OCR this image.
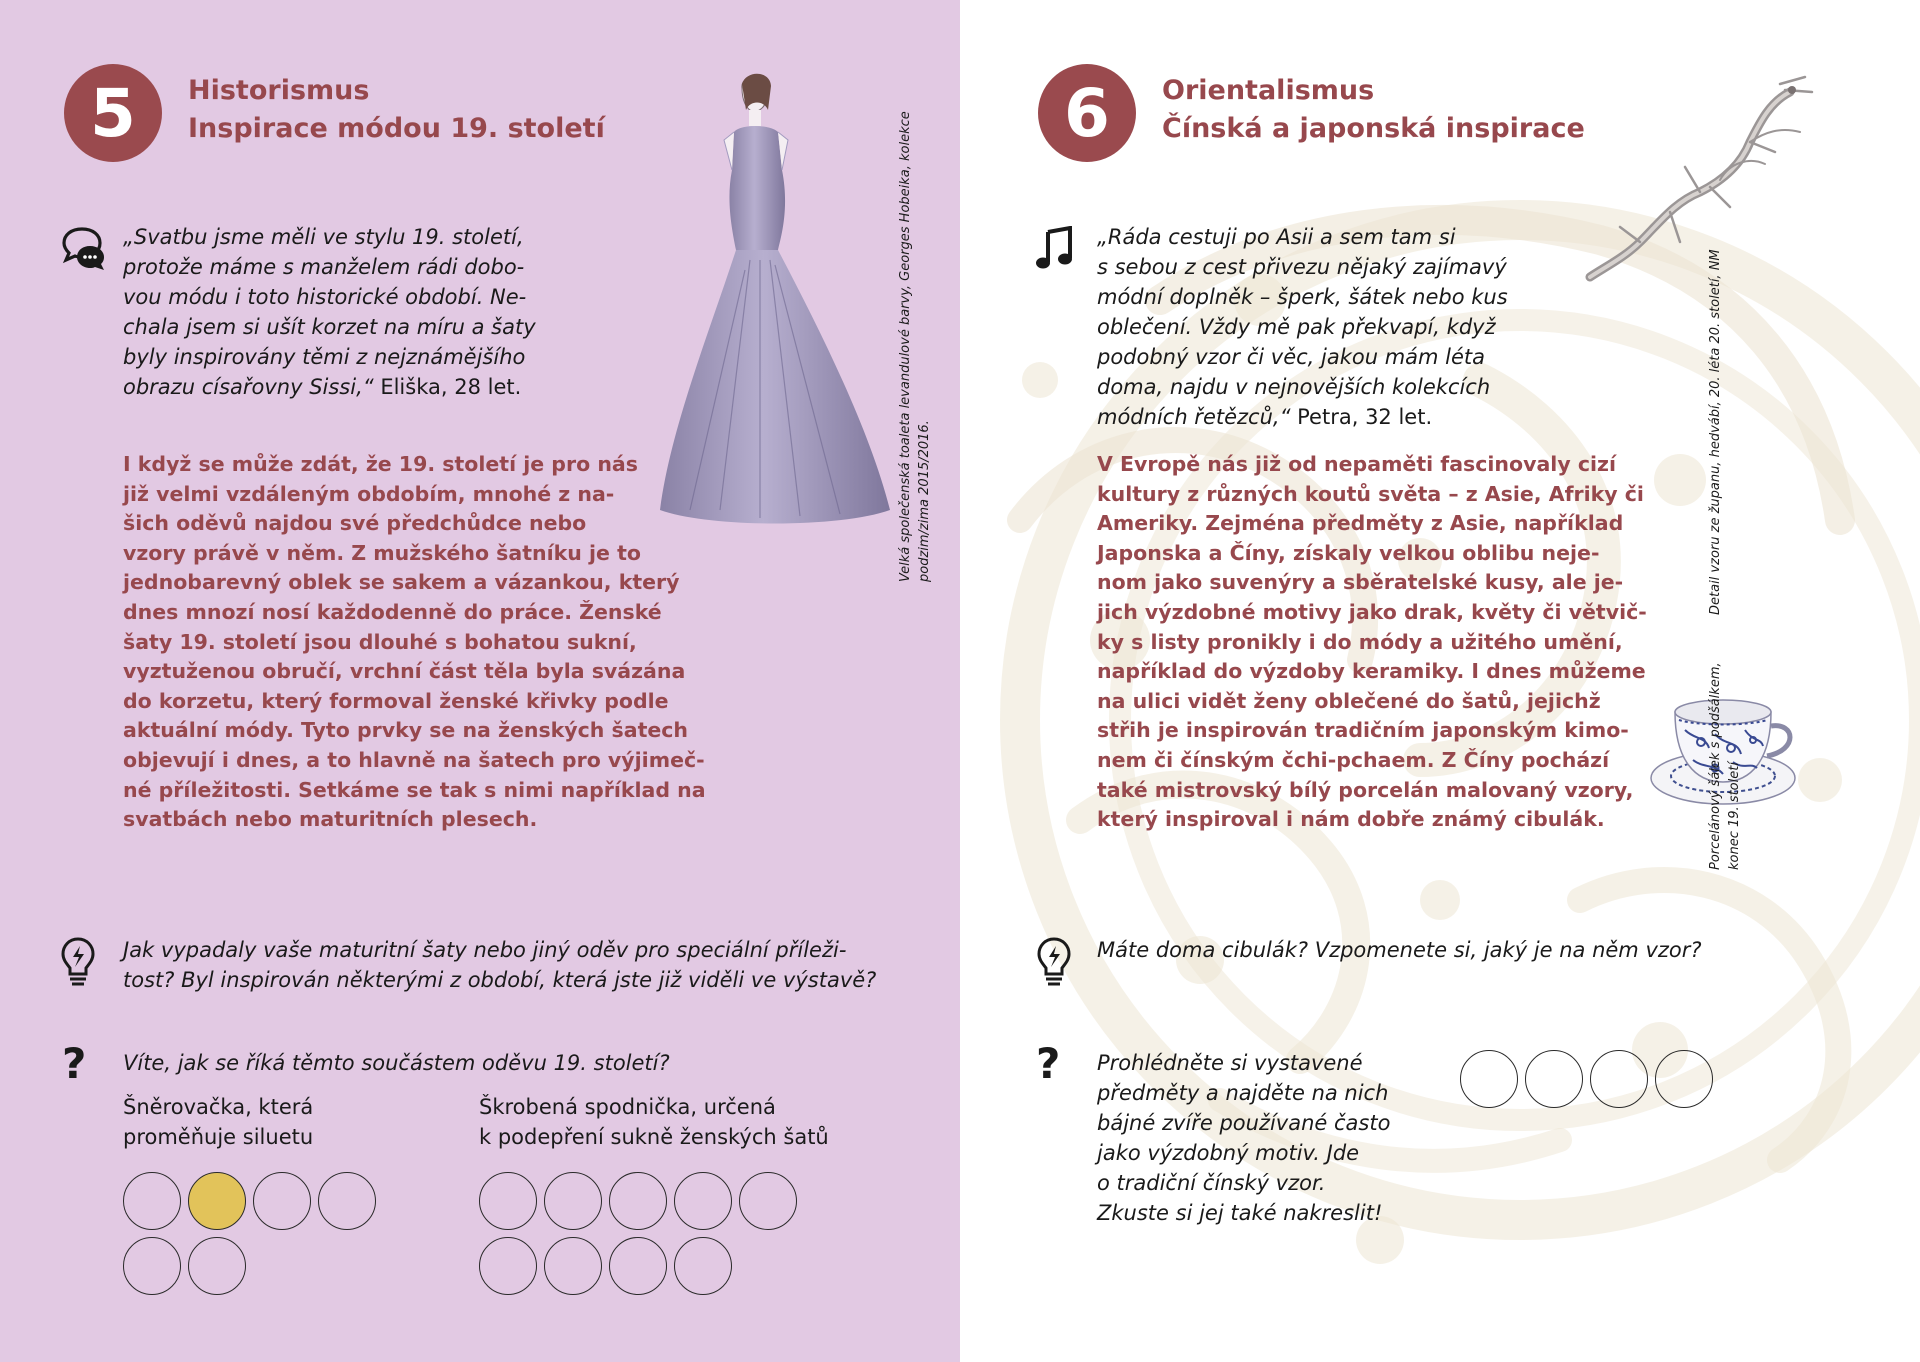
5 Historismus
Inspirace módou 19. století
„Svatbu jsme měli ve stylu 19. století,
protože máme s manželem rádi dobo-
vou módu i toto historické období. Ne-
chala jsem si ušít korzet na míru a šaty
byly inspirovány těmi z nejznámějšího
obrazu císařovny Sissi,“ Eliška, 28 let.	Velká společenská toaleta levandulové barvy, Georges Hobeika, kolekce podzim/zima 2015/2016.
I když se může zdát, že 19. století je pro nás
již velmi vzdáleným obdobím, mnohé z na-
šich oděvů najdou své předchůdce nebo
vzory právě v něm. Z mužského šatníku je to
jednobarevný oblek se sakem a vázankou, který
dnes mnozí nosí každodenně do práce. Ženské
šaty 19. století jsou dlouhé s bohatou sukní,
vyztuženou obručí, vrchní část těla byla svázána
do korzetu, který formoval ženské křivky podle
aktuální módy. Tyto prvky se na ženských šatech
objevují i dnes, a to hlavně na šatech pro výjimeč-
né příležitosti. Setkáme se tak s nimi například na
svatbách nebo maturitních plesech.
Jak vypadaly vaše maturitní šaty nebo jiný oděv pro speciální příleži-
tost? Byl inspirován některými z období, která jste již viděli ve výstavě?
? Víte, jak se říká těmto součástem oděvu 19. století?
Šněrovačka, která
proměňuje siluetu
Škrobená spodnička, určená
k podepření sukně ženských šatů
Detail vzoru ze županu, hedvábí, 20. léta 20. století, NM
6 Orientalismus
Čínská a japonská inspirace
„Ráda cestuji po Asii a sem tam si
s sebou z cest přivezu nějaký zajímavý
módní doplněk – šperk, šátek nebo kus
oblečení. Vždy mě pak překvapí, když
podobný vzor či věc, jakou mám léta
doma, najdu v nejnovějších kolekcích
módních řetězců,“ Petra, 32 let.
V Evropě nás již od nepaměti fascinovaly cizí
kultury z různých koutů světa – z Asie, Afriky či
Ameriky. Zejména předměty z Asie, například
Japonska a Číny, získaly velkou oblibu neje-
nom jako suvenýry a sběratelské kusy, ale je-
jich výzdobné motivy jako drak, květy či větvič-
ky s listy pronikly i do módy a užitého umění,
například do výzdoby keramiky. I dnes můžeme
na ulici vidět ženy oblečené do šatů, jejichž
střih je inspirován tradičním japonským kimo-
nem či čínským čchi-pchaem. Z Číny pochází
také mistrovský bílý porcelán malovaný vzory,
který inspiroval i nám dobře známý cibulák.	Porcelánový šálek s podšálkem, konec 19. století
Máte doma cibulák? Vzpomenete si, jaký je na něm vzor?
? Prohlédněte si vystavené
předměty a najděte na nich
bájné zvíře používané často
jako výzdobný motiv. Jde
o tradiční čínský vzor.
Zkuste si jej také nakreslit!
